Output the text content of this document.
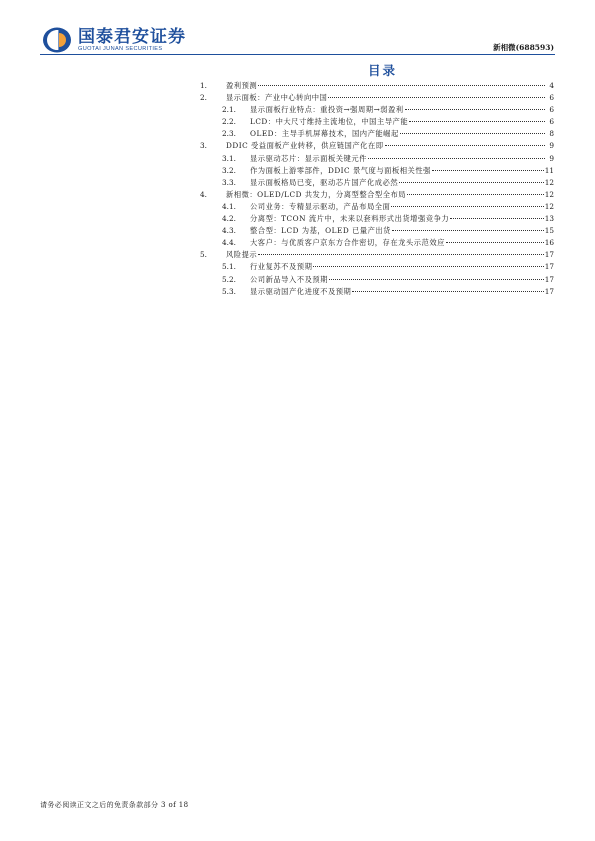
国泰君安证券
GUOTAI JUNAN SECURITIES	新相微(688593)
目录
1.	盈利预测	4
2.	显示面板：产业中心转向中国	6
2.1.	显示面板行业特点：重投资→强周期→弱盈利	6
2.2.	LCD：中大尺寸维持主流地位，中国主导产能	6
2.3.	OLED：主导手机屏幕技术，国内产能崛起	8
3.	DDIC 受益面板产业转移，供应链国产化在即	9
3.1.	显示驱动芯片：显示面板关键元件	9
3.2.	作为面板上游零部件，DDIC 景气度与面板相关性强	11
3.3.	显示面板格局已变，驱动芯片国产化成必然	12
4.	新相微：OLED/LCD 共发力，分离型整合型全布局	12
4.1.	公司业务：专精显示驱动，产品布局全面	12
4.2.	分离型：TCON 流片中，未来以套料形式出货增强竞争力	13
4.3.	整合型：LCD 为基，OLED 已量产出货	15
4.4.	大客户：与优质客户京东方合作密切，存在龙头示范效应	16
5.	风险提示	17
5.1.	行业复苏不及预期	17
5.2.	公司新品导入不及预期	17
5.3.	显示驱动国产化进度不及预期	17
请务必阅读正文之后的免责条款部分 3 of 18
